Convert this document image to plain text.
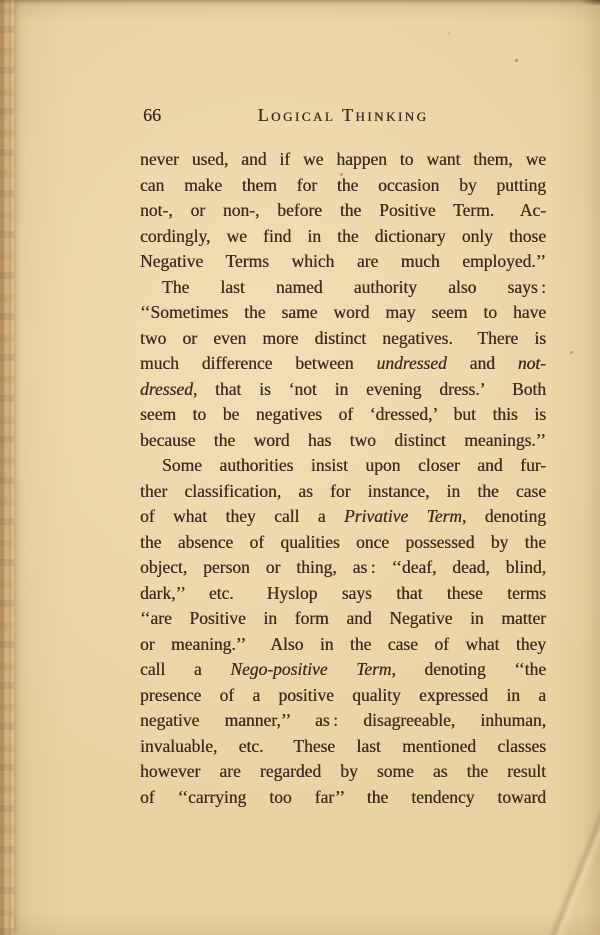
66	Logical Thinking
never used, and if we happen to want them, we
can make them for the occasion by putting
not-, or non-, before the Positive Term.  Ac-
cordingly, we find in the dictionary only those
Negative Terms which are much employed.’’
The last named authority also says :
‘‘Sometimes the same word may seem to have
two or even more distinct negatives.  There is
much difference between undressed and not-
dressed, that is ‘not in evening dress.’  Both
seem to be negatives of ‘dressed,’ but this is
because the word has two distinct meanings.’’
Some authorities insist upon closer and fur-
ther classification, as for instance, in the case
of what they call a Privative Term, denoting
the absence of qualities once possessed by the
object, person or thing, as : ‘‘deaf, dead, blind,
dark,’’ etc.  Hyslop says that these terms
‘‘are Positive in form and Negative in matter
or meaning.’’  Also in the case of what they
call a Nego-positive Term, denoting ‘‘the
presence of a positive quality expressed in a
negative manner,’’ as : disagreeable, inhuman,
invaluable, etc.  These last mentioned classes
however are regarded by some as the result
of ‘‘carrying too far’’ the tendency toward
